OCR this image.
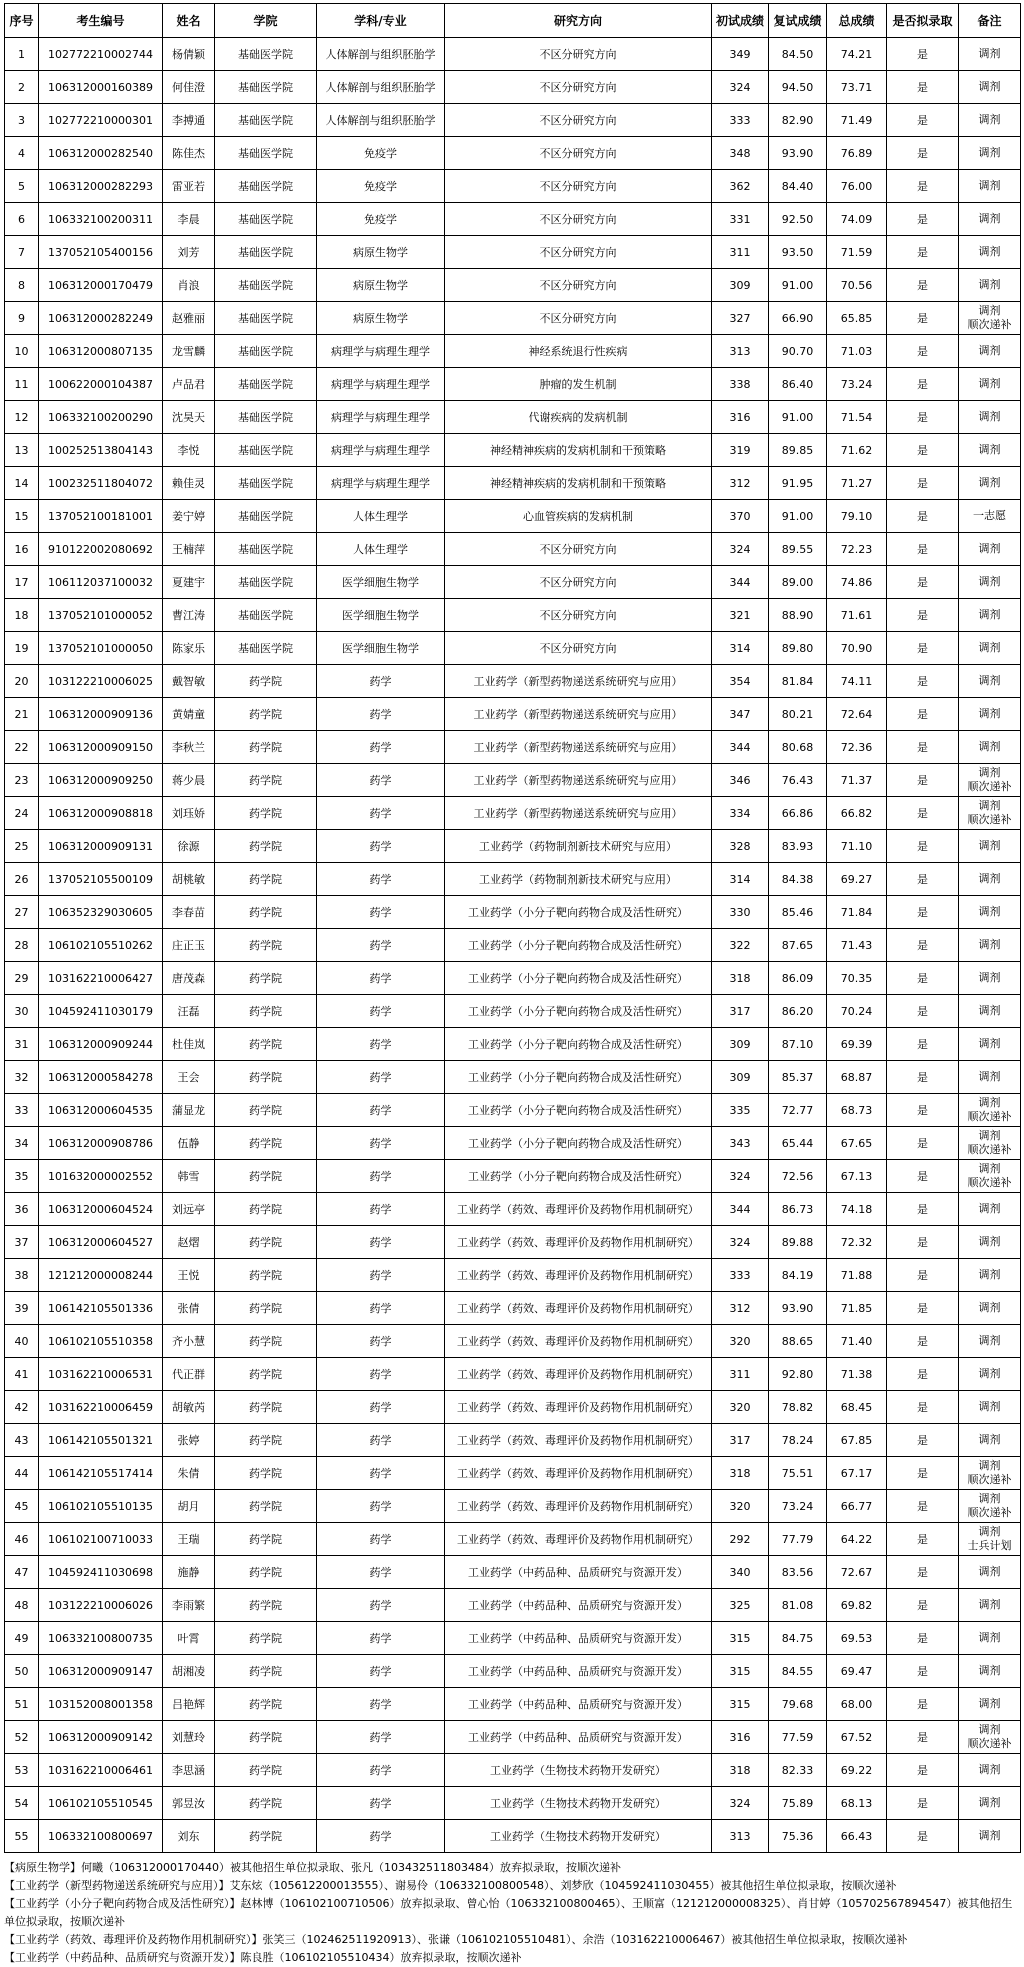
序号	考生编号	姓名	学院	学科/专业	研究方向	初试成绩	复试成绩	总成绩	是否拟录取	备注
1	102772210002744	杨倩颖	基础医学院	人体解剖与组织胚胎学	不区分研究方向	349	84.50	74.21	是	调剂

2	106312000160389	何佳澄	基础医学院	人体解剖与组织胚胎学	不区分研究方向	324	94.50	73.71	是	调剂

3	102772210000301	李搏通	基础医学院	人体解剖与组织胚胎学	不区分研究方向	333	82.90	71.49	是	调剂

4	106312000282540	陈佳杰	基础医学院	免疫学	不区分研究方向	348	93.90	76.89	是	调剂

5	106312000282293	雷亚若	基础医学院	免疫学	不区分研究方向	362	84.40	76.00	是	调剂

6	106332100200311	李晨	基础医学院	免疫学	不区分研究方向	331	92.50	74.09	是	调剂

7	137052105400156	刘芳	基础医学院	病原生物学	不区分研究方向	311	93.50	71.59	是	调剂

8	106312000170479	肖浪	基础医学院	病原生物学	不区分研究方向	309	91.00	70.56	是	调剂

9	106312000282249	赵雅丽	基础医学院	病原生物学	不区分研究方向	327	66.90	65.85	是	调剂
顺次递补

10	106312000807135	龙雪麟	基础医学院	病理学与病理生理学	神经系统退行性疾病	313	90.70	71.03	是	调剂

11	100622000104387	卢品君	基础医学院	病理学与病理生理学	肿瘤的发生机制	338	86.40	73.24	是	调剂

12	106332100200290	沈昊天	基础医学院	病理学与病理生理学	代谢疾病的发病机制	316	91.00	71.54	是	调剂

13	100252513804143	李悦	基础医学院	病理学与病理生理学	神经精神疾病的发病机制和干预策略	319	89.85	71.62	是	调剂

14	100232511804072	赖佳灵	基础医学院	病理学与病理生理学	神经精神疾病的发病机制和干预策略	312	91.95	71.27	是	调剂

15	137052100181001	姜宁婷	基础医学院	人体生理学	心血管疾病的发病机制	370	91.00	79.10	是	一志愿

16	910122002080692	王楠萍	基础医学院	人体生理学	不区分研究方向	324	89.55	72.23	是	调剂

17	106112037100032	夏建宇	基础医学院	医学细胞生物学	不区分研究方向	344	89.00	74.86	是	调剂

18	137052101000052	曹江涛	基础医学院	医学细胞生物学	不区分研究方向	321	88.90	71.61	是	调剂

19	137052101000050	陈家乐	基础医学院	医学细胞生物学	不区分研究方向	314	89.80	70.90	是	调剂

20	103122210006025	戴智敏	药学院	药学	工业药学（新型药物递送系统研究与应用）	354	81.84	74.11	是	调剂

21	106312000909136	黄婧童	药学院	药学	工业药学（新型药物递送系统研究与应用）	347	80.21	72.64	是	调剂

22	106312000909150	李秋兰	药学院	药学	工业药学（新型药物递送系统研究与应用）	344	80.68	72.36	是	调剂

23	106312000909250	蒋少晨	药学院	药学	工业药学（新型药物递送系统研究与应用）	346	76.43	71.37	是	调剂
顺次递补

24	106312000908818	刘珏娇	药学院	药学	工业药学（新型药物递送系统研究与应用）	334	66.86	66.82	是	调剂
顺次递补

25	106312000909131	徐源	药学院	药学	工业药学（药物制剂新技术研究与应用）	328	83.93	71.10	是	调剂

26	137052105500109	胡桃敏	药学院	药学	工业药学（药物制剂新技术研究与应用）	314	84.38	69.27	是	调剂

27	106352329030605	李春苗	药学院	药学	工业药学（小分子靶向药物合成及活性研究）	330	85.46	71.84	是	调剂

28	106102105510262	庄正玉	药学院	药学	工业药学（小分子靶向药物合成及活性研究）	322	87.65	71.43	是	调剂

29	103162210006427	唐茂森	药学院	药学	工业药学（小分子靶向药物合成及活性研究）	318	86.09	70.35	是	调剂

30	104592411030179	汪磊	药学院	药学	工业药学（小分子靶向药物合成及活性研究）	317	86.20	70.24	是	调剂

31	106312000909244	杜佳岚	药学院	药学	工业药学（小分子靶向药物合成及活性研究）	309	87.10	69.39	是	调剂

32	106312000584278	王会	药学院	药学	工业药学（小分子靶向药物合成及活性研究）	309	85.37	68.87	是	调剂

33	106312000604535	蒲显龙	药学院	药学	工业药学（小分子靶向药物合成及活性研究）	335	72.77	68.73	是	调剂
顺次递补

34	106312000908786	伍静	药学院	药学	工业药学（小分子靶向药物合成及活性研究）	343	65.44	67.65	是	调剂
顺次递补

35	101632000002552	韩雪	药学院	药学	工业药学（小分子靶向药物合成及活性研究）	324	72.56	67.13	是	调剂
顺次递补

36	106312000604524	刘远亭	药学院	药学	工业药学（药效、毒理评价及药物作用机制研究）	344	86.73	74.18	是	调剂

37	106312000604527	赵熠	药学院	药学	工业药学（药效、毒理评价及药物作用机制研究）	324	89.88	72.32	是	调剂

38	121212000008244	王悦	药学院	药学	工业药学（药效、毒理评价及药物作用机制研究）	333	84.19	71.88	是	调剂

39	106142105501336	张倩	药学院	药学	工业药学（药效、毒理评价及药物作用机制研究）	312	93.90	71.85	是	调剂

40	106102105510358	齐小慧	药学院	药学	工业药学（药效、毒理评价及药物作用机制研究）	320	88.65	71.40	是	调剂

41	103162210006531	代正群	药学院	药学	工业药学（药效、毒理评价及药物作用机制研究）	311	92.80	71.38	是	调剂

42	103162210006459	胡敏芮	药学院	药学	工业药学（药效、毒理评价及药物作用机制研究）	320	78.82	68.45	是	调剂

43	106142105501321	张婷	药学院	药学	工业药学（药效、毒理评价及药物作用机制研究）	317	78.24	67.85	是	调剂

44	106142105517414	朱倩	药学院	药学	工业药学（药效、毒理评价及药物作用机制研究）	318	75.51	67.17	是	调剂
顺次递补

45	106102105510135	胡月	药学院	药学	工业药学（药效、毒理评价及药物作用机制研究）	320	73.24	66.77	是	调剂
顺次递补

46	106102100710033	王瑞	药学院	药学	工业药学（药效、毒理评价及药物作用机制研究）	292	77.79	64.22	是	调剂
士兵计划

47	104592411030698	施静	药学院	药学	工业药学（中药品种、品质研究与资源开发）	340	83.56	72.67	是	调剂

48	103122210006026	李雨繁	药学院	药学	工业药学（中药品种、品质研究与资源开发）	325	81.08	69.82	是	调剂

49	106332100800735	叶霄	药学院	药学	工业药学（中药品种、品质研究与资源开发）	315	84.75	69.53	是	调剂

50	106312000909147	胡湘凌	药学院	药学	工业药学（中药品种、品质研究与资源开发）	315	84.55	69.47	是	调剂

51	103152008001358	吕艳辉	药学院	药学	工业药学（中药品种、品质研究与资源开发）	315	79.68	68.00	是	调剂

52	106312000909142	刘慧玲	药学院	药学	工业药学（中药品种、品质研究与资源开发）	316	77.59	67.52	是	调剂
顺次递补

53	103162210006461	李思涵	药学院	药学	工业药学（生物技术药物开发研究）	318	82.33	69.22	是	调剂

54	106102105510545	郭昱汝	药学院	药学	工业药学（生物技术药物开发研究）	324	75.89	68.13	是	调剂

55	106332100800697	刘东	药学院	药学	工业药学（生物技术药物开发研究）	313	75.36	66.43	是	调剂
【病原生物学】何曦（106312000170440）被其他招生单位拟录取、张凡（103432511803484）放弃拟录取，按顺次递补
【工业药学（新型药物递送系统研究与应用）】艾东炫（105612200013555）、谢易伶（106332100800548）、刘梦欣（104592411030455）被其他招生单位拟录取，按顺次递补
【工业药学（小分子靶向药物合成及活性研究）】赵林博（106102100710506）放弃拟录取、曾心怡（106332100800465）、王顺富（121212000008325）、肖甘婷（105702567894547）被其他招生单位拟录取，按顺次递补
【工业药学（药效、毒理评价及药物作用机制研究）】张笑三（102462511920913）、张谦（106102105510481）、余浩（103162210006467）被其他招生单位拟录取，按顺次递补
【工业药学（中药品种、品质研究与资源开发）】陈良胜（106102105510434）放弃拟录取，按顺次递补
